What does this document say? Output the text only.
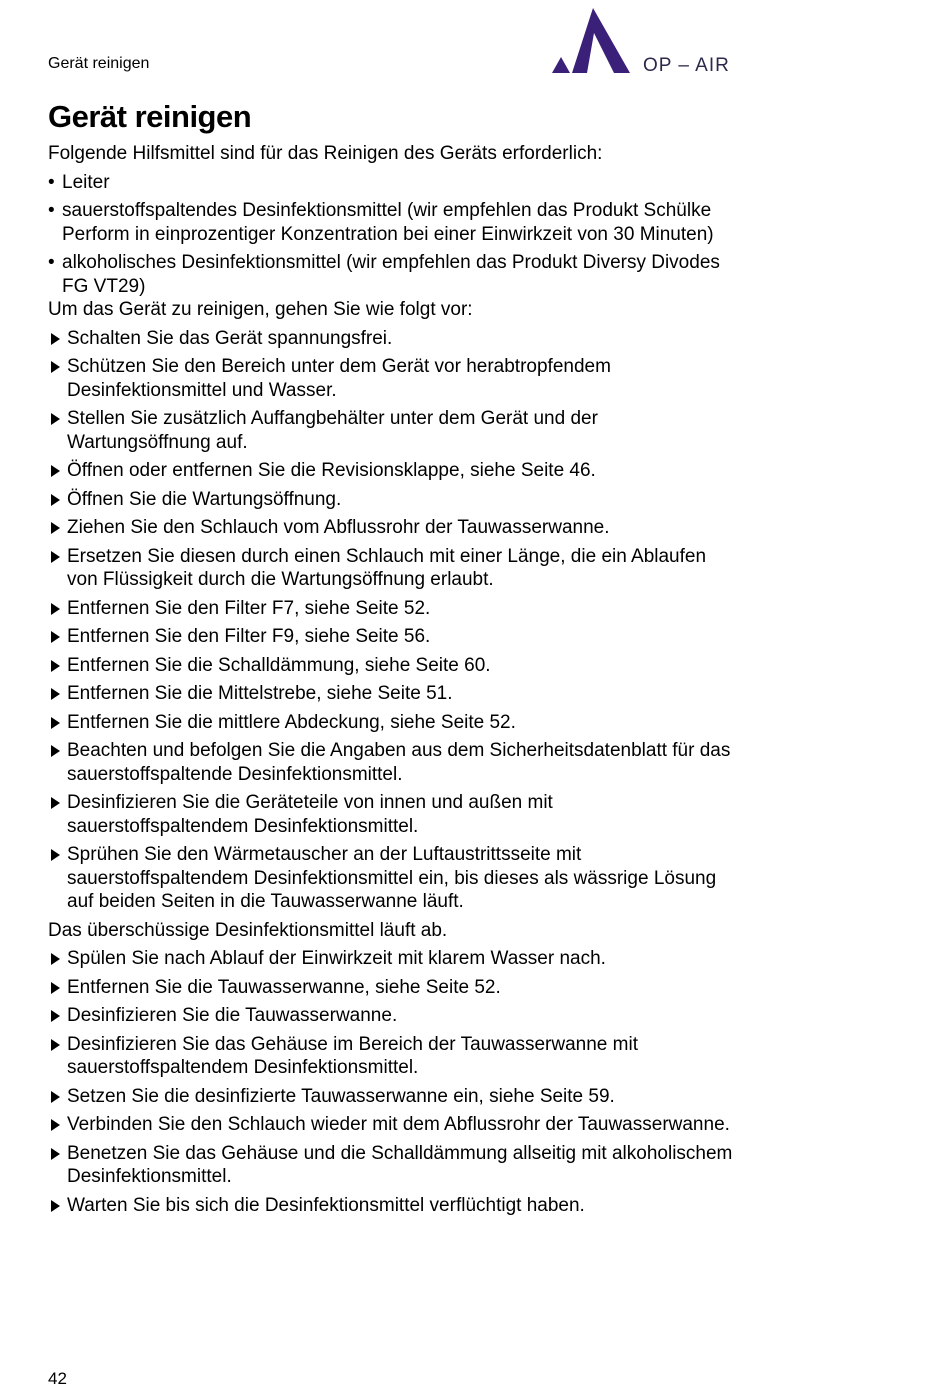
Gerät reinigen	OP – AIR
Gerät reinigen

Folgende Hilfsmittel sind für das Reinigen des Geräts erforderlich:

• Leiter
• sauerstoffspaltendes Desinfektionsmittel (wir empfehlen das Produkt Schülke Perform in einprozentiger Konzentration bei einer Einwirkzeit von 30 Minuten)
• alkoholisches Desinfektionsmittel (wir empfehlen das Produkt Diversy Divodes FG VT29)

Um das Gerät zu reinigen, gehen Sie wie folgt vor:

Schalten Sie das Gerät spannungsfrei.
Schützen Sie den Bereich unter dem Gerät vor herabtropfendem Desinfektionsmittel und Wasser.
Stellen Sie zusätzlich Auffangbehälter unter dem Gerät und der Wartungsöffnung auf.
Öffnen oder entfernen Sie die Revisionsklappe, siehe Seite 46.
Öffnen Sie die Wartungsöffnung.
Ziehen Sie den Schlauch vom Abflussrohr der Tauwasserwanne.
Ersetzen Sie diesen durch einen Schlauch mit einer Länge, die ein Ablaufen von Flüssigkeit durch die Wartungsöffnung erlaubt.
Entfernen Sie den Filter F7, siehe Seite 52.
Entfernen Sie den Filter F9, siehe Seite 56.
Entfernen Sie die Schalldämmung, siehe Seite 60.
Entfernen Sie die Mittelstrebe, siehe Seite 51.
Entfernen Sie die mittlere Abdeckung, siehe Seite 52.
Beachten und befolgen Sie die Angaben aus dem Sicherheitsdatenblatt für das sauerstoffspaltende Desinfektionsmittel.
Desinfizieren Sie die Geräteteile von innen und außen mit sauerstoffspaltendem Desinfektionsmittel.
Sprühen Sie den Wärmetauscher an der Luftaustrittsseite mit sauerstoffspaltendem Desinfektionsmittel ein, bis dieses als wässrige Lösung auf beiden Seiten in die Tauwasserwanne läuft.

Das überschüssige Desinfektionsmittel läuft ab.

Spülen Sie nach Ablauf der Einwirkzeit mit klarem Wasser nach.
Entfernen Sie die Tauwasserwanne, siehe Seite 52.
Desinfizieren Sie die Tauwasserwanne.
Desinfizieren Sie das Gehäuse im Bereich der Tauwasserwanne mit sauerstoffspaltendem Desinfektionsmittel.
Setzen Sie die desinfizierte Tauwasserwanne ein, siehe Seite 59.
Verbinden Sie den Schlauch wieder mit dem Abflussrohr der Tauwasserwanne.
Benetzen Sie das Gehäuse und die Schalldämmung allseitig mit alkoholischem Desinfektionsmittel.
Warten Sie bis sich die Desinfektionsmittel verflüchtigt haben.
42
